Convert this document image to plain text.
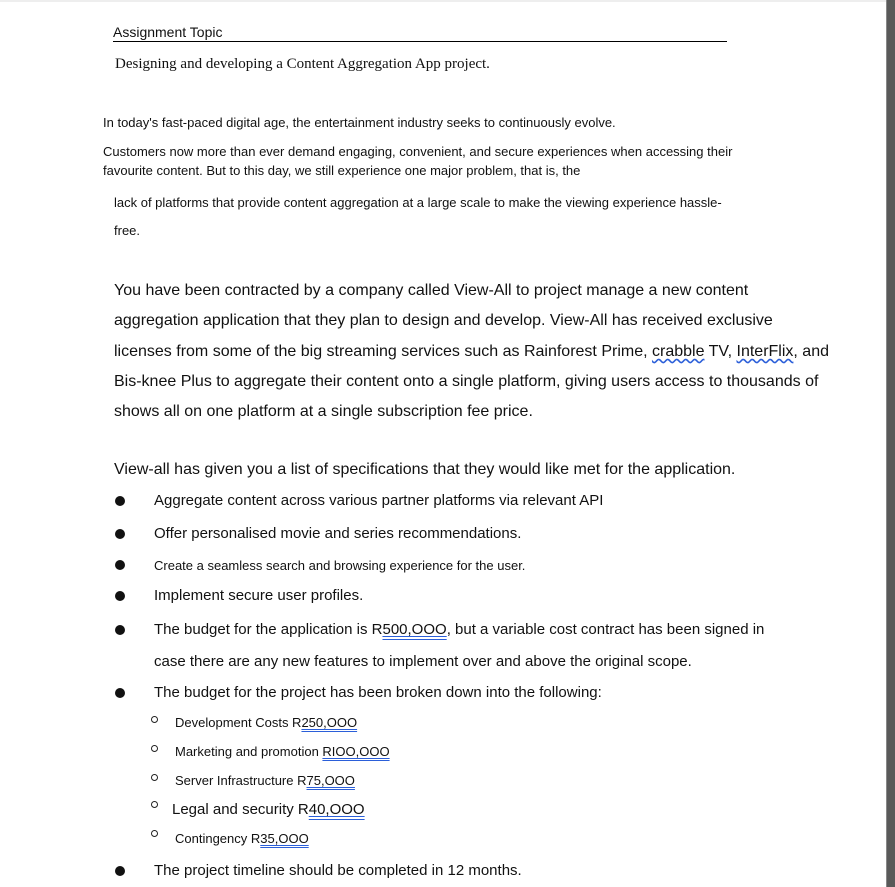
Assignment Topic
Designing and developing a Content Aggregation App project.
In today's fast-paced digital age, the entertainment industry seeks to continuously evolve.
Customers now more than ever demand engaging, convenient, and secure experiences when accessing their
favourite content. But to this day, we still experience one major problem, that is, the
lack of platforms that provide content aggregation at a large scale to make the viewing experience hassle-
free.
You have been contracted by a company called View-All to project manage a new content
aggregation application that they plan to design and develop. View-All has received exclusive
licenses from some of the big streaming services such as Rainforest Prime, crabble TV, InterFlix, and
Bis-knee Plus to aggregate their content onto a single platform, giving users access to thousands of
shows all on one platform at a single subscription fee price.
View-all has given you a list of specifications that they would like met for the application.
Aggregate content across various partner platforms via relevant API
Offer personalised movie and series recommendations.
Create a seamless search and browsing experience for the user.
Implement secure user profiles.
The budget for the application is R500,OOO, but a variable cost contract has been signed in
case there are any new features to implement over and above the original scope.
The budget for the project has been broken down into the following:
Development Costs R250,OOO
Marketing and promotion RIOO,OOO
Server Infrastructure R75,OOO
Legal and security R40,OOO
Contingency R35,OOO
The project timeline should be completed in 12 months.
